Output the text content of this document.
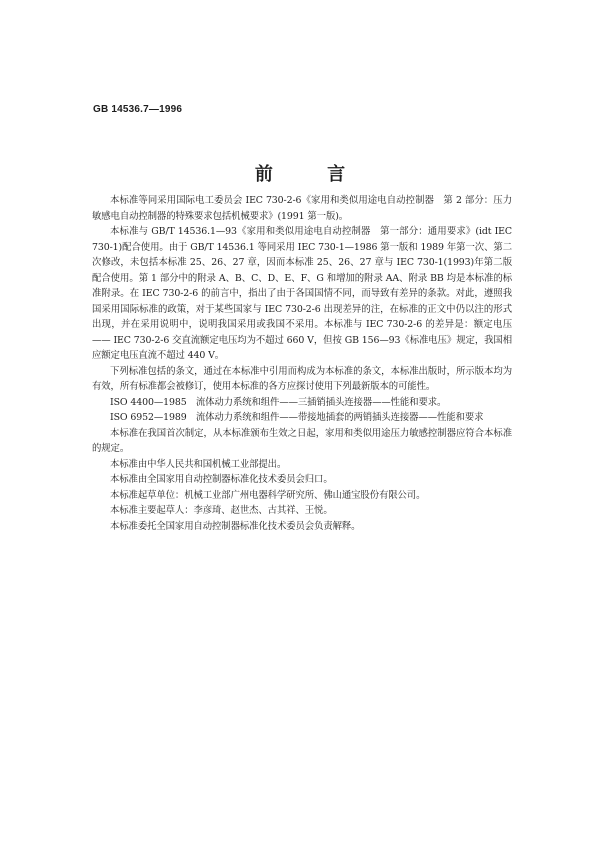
GB 14536.7—1996
前 言

本标准等同采用国际电工委员会 IEC 730-2-6《家用和类似用途电自动控制器　第 2 部分：压力敏感电自动控制器的特殊要求包括机械要求》(1991 第一版)。

本标准与 GB/T 14536.1—93《家用和类似用途电自动控制器　第一部分：通用要求》(idt IEC 730-1)配合使用。由于 GB/T 14536.1 等同采用 IEC 730-1—1986 第一版和 1989 年第一次、第二次修改，未包括本标准 25、26、27 章，因而本标准 25、26、27 章与 IEC 730-1(1993)年第二版配合使用。第 1 部分中的附录 A、B、C、D、E、F、G 和增加的附录 AA、附录 BB 均是本标准的标准附录。在 IEC 730-2-6 的前言中，指出了由于各国国情不同，而导致有差异的条款。对此，遵照我国采用国际标准的政策，对于某些国家与 IEC 730-2-6 出现差异的注，在标准的正文中仍以注的形式出现，并在采用说明中，说明我国采用或我国不采用。本标准与 IEC 730-2-6 的差异是：额定电压—— IEC 730-2-6 交直流额定电压均为不超过 660 V，但按 GB 156—93《标准电压》规定，我国相应额定电压直流不超过 440 V。

下列标准包括的条文，通过在本标准中引用而构成为本标准的条文，本标准出版时，所示版本均为有效，所有标准都会被修订，使用本标准的各方应探讨使用下列最新版本的可能性。

ISO 4400—1985　流体动力系统和组件——三插销插头连接器——性能和要求。

ISO 6952—1989　流体动力系统和组件——带接地插套的两销插头连接器——性能和要求

本标准在我国首次制定，从本标准颁布生效之日起，家用和类似用途压力敏感控制器应符合本标准的规定。

本标准由中华人民共和国机械工业部提出。

本标准由全国家用自动控制器标准化技术委员会归口。

本标准起草单位：机械工业部广州电器科学研究所、佛山通宝股份有限公司。

本标准主要起草人：李彦琦、赵世杰、古其祥、王悦。

本标准委托全国家用自动控制器标准化技术委员会负责解释。
